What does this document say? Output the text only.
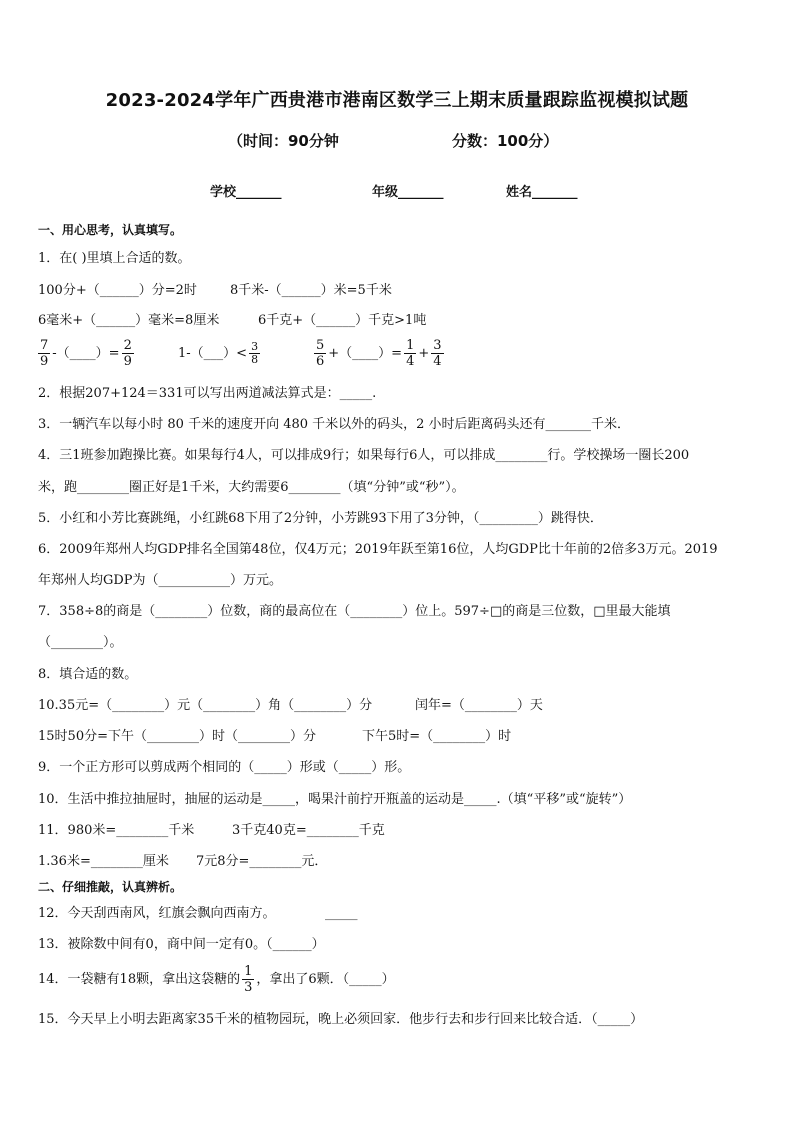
2023-2024学年广西贵港市港南区数学三上期末质量跟踪监视模拟试题
（时间：90分钟	分数：100分）
学校_______	年级_______	姓名_______
一、用心思考，认真填写。
1．在( )里填上合适的数。
100分+（______）分=2时	8千米-（______）米=5千米
6毫米+（______）毫米=8厘米	6千克+（______）千克>1吨
$\frac{7}{9}$ -（____）= $\frac{2}{9}$	1-（___）< $\frac{3}{8}$	$\frac{5}{6}$ +（____）= $\frac{1}{4} + \frac{3}{4}$
2．根据207+124＝331可以写出两道减法算式是：_____.
3．一辆汽车以每小时 80 千米的速度开向 480 千米以外的码头，2 小时后距离码头还有_______千米．
4．三1班参加跑操比赛。如果每行4人，可以排成9行；如果每行6人，可以排成________行。学校操场一圈长200
米，跑________圈正好是1千米，大约需要6________（填“分钟”或“秒”）。
5．小红和小芳比赛跳绳，小红跳68下用了2分钟，小芳跳93下用了3分钟，（_________）跳得快．
6．2009年郑州人均GDP排名全国第48位，仅4万元；2019年跃至第16位，人均GDP比十年前的2倍多3万元。2019
年郑州人均GDP为（___________）万元。
7．358÷8的商是（________）位数，商的最高位在（________）位上。597÷□的商是三位数，□里最大能填
（________）。
8．填合适的数。
10.35元=（________）元（________）角（________）分	闰年=（________）天
15时50分=下午（________）时（________）分	下午5时=（________）时
9．一个正方形可以剪成两个相同的（_____）形或（_____）形。
10．生活中推拉抽屉时，抽屉的运动是_____，喝果汁前拧开瓶盖的运动是_____.（填“平移”或“旋转”）
11．980米=________千米	3千克40克=________千克
1.36米=________厘米 7元8分=________元．
二、仔细推敲，认真辨析。
12．今天刮西南风，红旗会飘向西南方。	_____
13．被除数中间有0，商中间一定有0。（______）
14．一袋糖有18颗，拿出这袋糖的 $\frac{1}{3}$ ，拿出了6颗．（_____）
15．今天早上小明去距离家35千米的植物园玩，晚上必须回家．他步行去和步行回来比较合适．（_____）
